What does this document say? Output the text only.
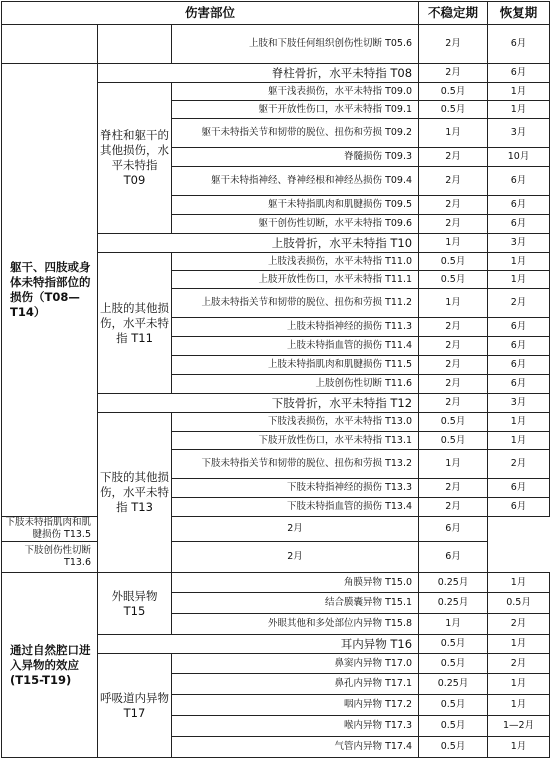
伤害部位			不稳定期	恢复期
		上肢和下肢任何组织创伤性切断 T05.6	2月	6月
躯干、四肢或身体未特指部位的损伤（T08—T14）	脊柱骨折，水平未特指 T08		2月	6月
	脊柱和躯干的其他损伤，水平未特指 T09	躯干浅表损伤，水平未特指 T09.0	0.5月	1月
		躯干开放性伤口，水平未特指 T09.1	0.5月	1月
		躯干未特指关节和韧带的脱位、扭伤和劳损 T09.2	1月	3月
		脊髓损伤 T09.3	2月	10月
		躯干未特指神经、脊神经根和神经丛损伤 T09.4	2月	6月
		躯干未特指肌肉和肌腱损伤 T09.5	2月	6月
		躯干创伤性切断，水平未特指 T09.6	2月	6月
	上肢骨折，水平未特指 T10		1月	3月
	上肢的其他损伤，水平未特指 T11	上肢浅表损伤，水平未特指 T11.0	0.5月	1月
		上肢开放性伤口，水平未特指 T11.1	0.5月	1月
		上肢未特指关节和韧带的脱位、扭伤和劳损 T11.2	1月	2月
		上肢未特指神经的损伤 T11.3	2月	6月
		上肢未特指血管的损伤 T11.4	2月	6月
		上肢未特指肌肉和肌腱损伤 T11.5	2月	6月
		上肢创伤性切断 T11.6	2月	6月
	下肢骨折，水平未特指 T12		2月	3月
	下肢的其他损伤，水平未特指 T13	下肢浅表损伤，水平未特指 T13.0	0.5月	1月
		下肢开放性伤口，水平未特指 T13.1	0.5月	1月
		下肢未特指关节和韧带的脱位、扭伤和劳损 T13.2	1月	2月
		下肢未特指神经的损伤 T13.3	2月	6月
		下肢未特指血管的损伤 T13.4	2月	6月
下肢未特指肌肉和肌腱损伤 T13.5		2月	6月	
下肢创伤性切断 T13.6		2月	6月	
通过自然腔口进入异物的效应(T15-T19)	外眼异物 T15	角膜异物 T15.0	0.25月	1月
		结合膜囊异物 T15.1	0.25月	0.5月
		外眼其他和多处部位内异物 T15.8	1月	2月
	耳内异物 T16		0.5月	1月
	呼吸道内异物 T17	鼻窦内异物 T17.0	0.5月	2月
		鼻孔内异物 T17.1	0.25月	1月
		咽内异物 T17.2	0.5月	1月
		喉内异物 T17.3	0.5月	1—2月
		气管内异物 T17.4	0.5月	1月
